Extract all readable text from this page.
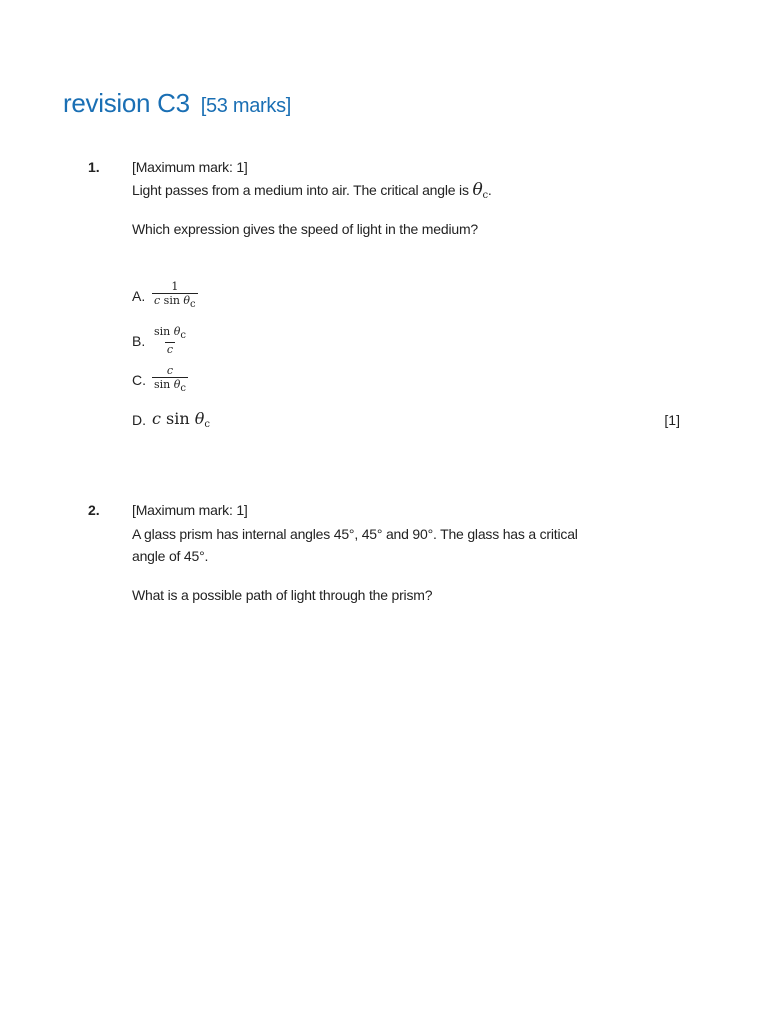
revision C3 [53 marks]
1. [Maximum mark: 1]
Light passes from a medium into air. The critical angle is $\theta_c$.
Which expression gives the speed of light in the medium?
A. $\frac{1}{\text{c sin θc}}$
B. $\frac{\text{sin θc}}{c}$
C. $\frac{c}{\text{sin θc}}$
D. c $\sin \theta_c$	[1]
2. [Maximum mark: 1]
A glass prism has internal angles 45°, 45° and 90°. The glass has a critical
angle of 45°.
What is a possible path of light through the prism?
